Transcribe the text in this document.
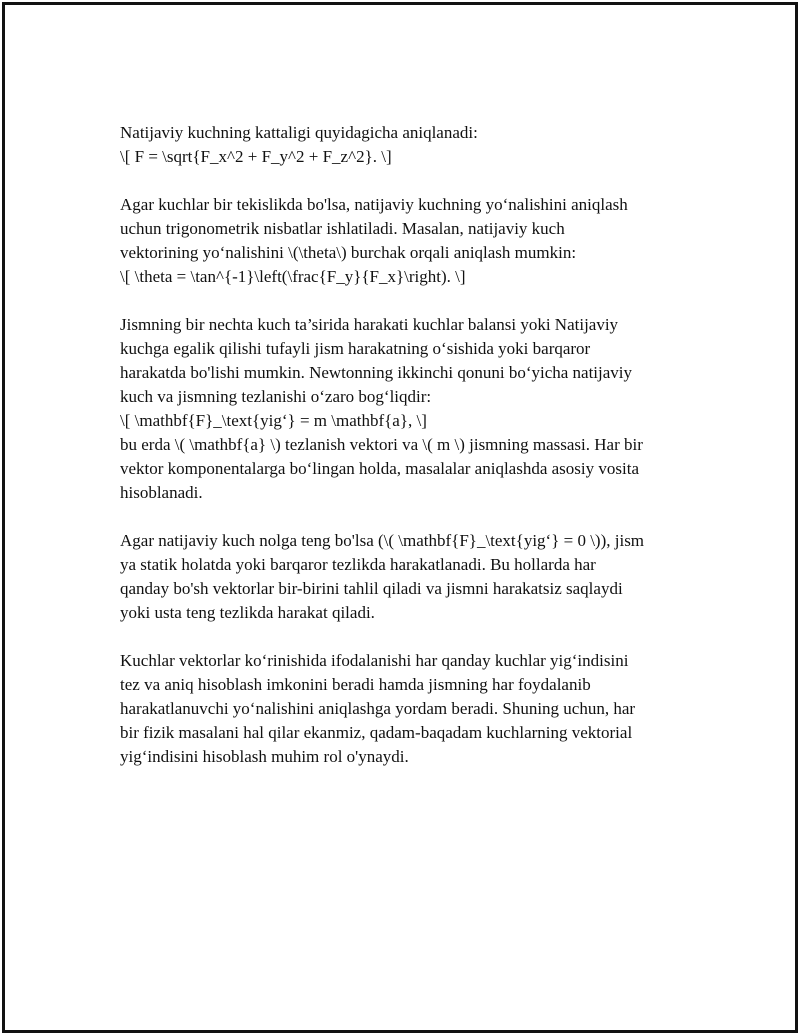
Natijaviy kuchning kattaligi quyidagicha aniqlanadi:
\[ F = \sqrt{F_x^2 + F_y^2 + F_z^2}. \]

Agar kuchlar bir tekislikda bo'lsa, natijaviy kuchning yo‘nalishini aniqlash
uchun trigonometrik nisbatlar ishlatiladi. Masalan, natijaviy kuch
vektorining yo‘nalishini \(\theta\) burchak orqali aniqlash mumkin:
\[ \theta = \tan^{-1}\left(\frac{F_y}{F_x}\right). \]

Jismning bir nechta kuch ta’sirida harakati kuchlar balansi yoki Natijaviy
kuchga egalik qilishi tufayli jism harakatning o‘sishida yoki barqaror
harakatda bo'lishi mumkin. Newtonning ikkinchi qonuni bo‘yicha natijaviy
kuch va jismning tezlanishi o‘zaro bog‘liqdir:
\[ \mathbf{F}_\text{yig‘} = m \mathbf{a}, \]
bu erda \( \mathbf{a} \) tezlanish vektori va \( m \) jismning massasi. Har bir
vektor komponentalarga bo‘lingan holda, masalalar aniqlashda asosiy vosita
hisoblanadi.

Agar natijaviy kuch nolga teng bo'lsa (\( \mathbf{F}_\text{yig‘} = 0 \)), jism
ya statik holatda yoki barqaror tezlikda harakatlanadi. Bu hollarda har
qanday bo'sh vektorlar bir-birini tahlil qiladi va jismni harakatsiz saqlaydi
yoki usta teng tezlikda harakat qiladi.

Kuchlar vektorlar ko‘rinishida ifodalanishi har qanday kuchlar yig‘indisini
tez va aniq hisoblash imkonini beradi hamda jismning har foydalanib
harakatlanuvchi yo‘nalishini aniqlashga yordam beradi. Shuning uchun, har
bir fizik masalani hal qilar ekanmiz, qadam-baqadam kuchlarning vektorial
yig‘indisini hisoblash muhim rol o'ynaydi.
